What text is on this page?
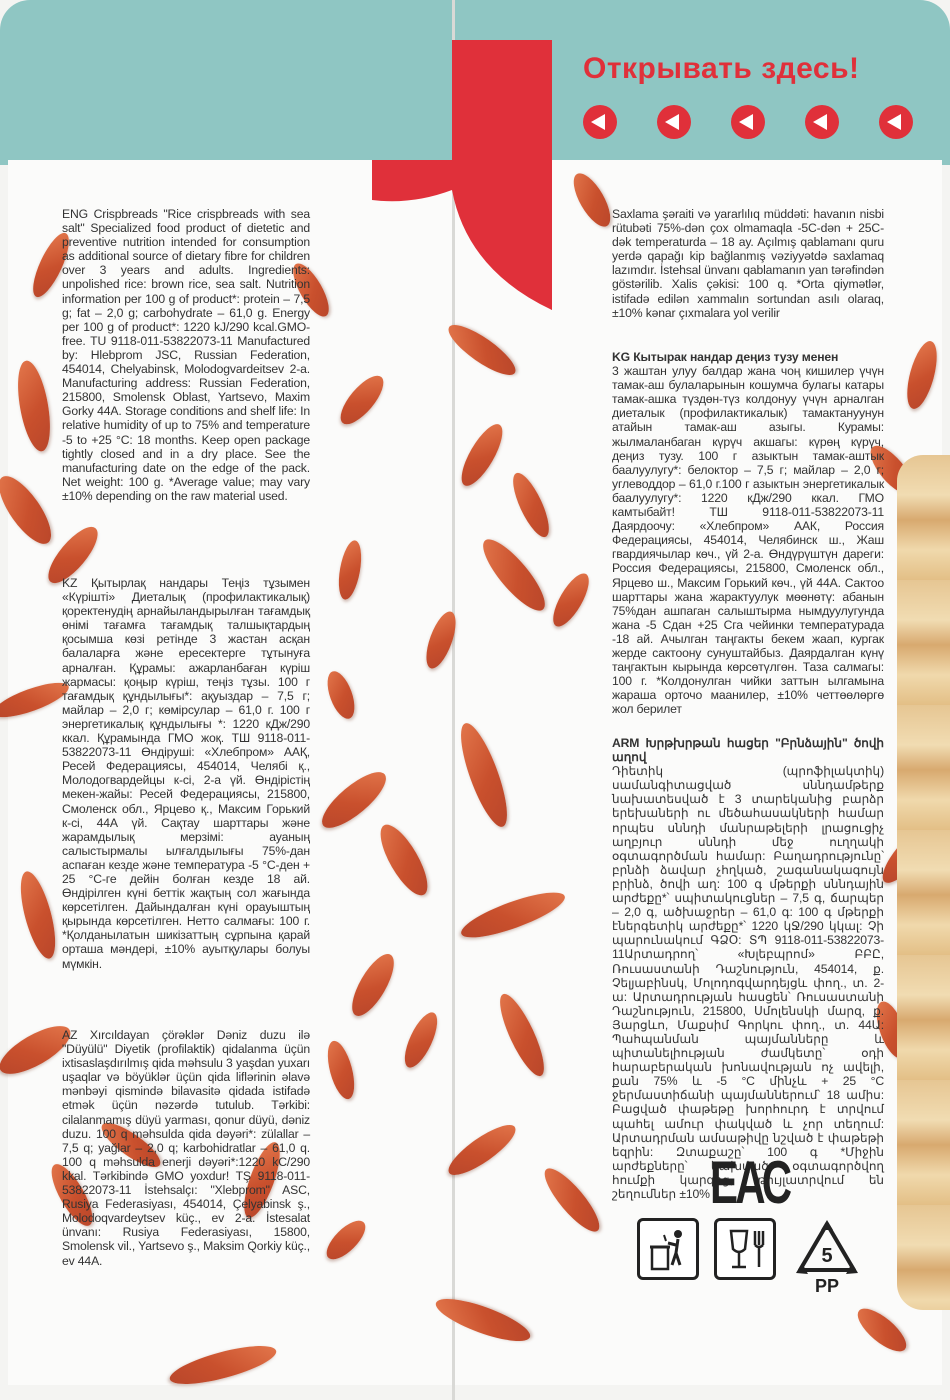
Открывать здесь!
ENG Crispbreads "Rice crispbreads with sea salt" Specialized food product of dietetic and preventive nutrition intended for consumption as additional source of dietary fibre for children over 3 years and adults. Ingredients: unpolished rice: brown rice, sea salt. Nutrition information per 100 g of product*: protein – 7,5 g; fat – 2,0 g; carbohydrate – 61,0 g. Energy per 100 g of product*: 1220 kJ/290 kcal.GMO-free. TU 9118-011-53822073-11 Manufactured by: Hlebprom JSC, Russian Federation, 454014, Chelyabinsk, Molodogvardeitsev 2-a. Manufacturing address: Russian Federation, 215800, Smolensk Oblast, Yartsevo, Maxim Gorky 44A. Storage conditions and shelf life: In relative humidity of up to 75% and temperature -5 to +25 °C: 18 months. Keep open package tightly closed and in a dry place. See the manufacturing date on the edge of the pack. Net weight: 100 g. *Average value; may vary ±10% depending on the raw material used.
KZ Қытырлақ нандары Теңіз тұзымен «Күріштi» Диеталық (профилактикалық) қоректенудің арнайыландырылған тағамдық өнімі тағамға тағамдық талшықтардың қосымша көзі ретінде 3 жастан асқан балаларға және ересектерге тұтынуға арналған. Құрамы: ажарланбаған күріш жармасы: қоңыр күріш, теңіз тұзы. 100 г тағамдық құндылығы*: ақуыздар – 7,5 г; майлар – 2,0 г; көмірсулар – 61,0 г. 100 г энергетикалық құндылығы *: 1220 кДж/290 ккал. Құрамында ГМО жоқ. ТШ 9118-011-53822073-11 Өндіруші: «Хлебпром» ААҚ, Ресей Федерациясы, 454014, Челябі қ., Молодогвардейцы к-сі, 2-а үй. Өндірістің мекен-жайы: Ресей Федерациясы, 215800, Смоленск обл., Ярцево қ., Максим Горький к-сі, 44А үй. Сақтау шарттары және жарамдылық мерзімі: ауаның салыстырмалы ылғалдылығы 75%-дан аспаған кезде және температура -5 °С-ден + 25 °С-ге дейін болған кезде 18 ай. Өндірілген күні беттік жақтың сол жағында көрсетілген. Дайындалған күні орауыштың қырында көрсетілген. Нетто салмағы: 100 г. *Қолданылатын шикізаттың сұрпына қарай орташа мәндері, ±10% ауытқулары болуы мүмкін.
AZ Xırcıldayan çörəklər Dəniz duzu ilə "Düyülü" Diyetik (profilaktik) qidalanma üçün ixtisaslaşdırılmış qida məhsulu 3 yaşdan yuxarı uşaqlar və böyüklər üçün qida liflərinin əlavə mənbəyi qismində bilavasitə qidada istifadə etmək üçün nəzərdə tutulub. Tərkibi: cilalanmamış düyü yarması, qonur düyü, dəniz duzu. 100 q məhsulda qida dəyəri*: zülallar – 7,5 q; yağlar – 2,0 q; karbohidratlar – 61,0 q. 100 q məhsulda enerji dəyəri*:1220 kC/290 kkal. Tərkibində GMO yoxdur! TŞ 9118-011-53822073-11 İstehsalçı: "Xlebprom" ASC, Rusiya Federasiyası, 454014, Çelyabinsk ş., Molodoqvardeytsev küç., ev 2-a. İstesalat ünvanı: Rusiya Federasiyası, 15800, Smolensk vil., Yartsevo ş., Maksim Qorkiy küç., ev 44A.
Saxlama şəraiti və yararlılıq müddəti: havanın nisbi rütubəti 75%-dən çox olmamaqla -5C-dən + 25C-dək temperaturda – 18 ay. Açılmış qablamanı quru yerdə qapağı kip bağlanmış vəziyyətdə saxlamaq lazımdır. İstehsal ünvanı qablamanın yan tərəfindən göstərilib. Xalis çəkisi: 100 q. *Orta qiymətlər, istifadə edilən xammalın sortundan asılı olaraq, ±10% kənar çıxmalara yol verilir
KG Кытырак нандар деңиз тузу менен
3 жаштан улуу балдар жана чоң кишилер үчүн тамак-аш булаларынын кошумча булагы катары тамак-ашка түздөн-түз колдонуу үчүн арналган диеталык (профилактикалык) тамактануунун атайын тамак-аш азыгы. Курамы: жылмаланбаган күрүч акшагы: күрөң күрүч, деңиз тузу. 100 г азыктын тамак-аштык баалуулугу*: белоктор – 7,5 г; майлар – 2,0 г; углеводдор – 61,0 г.100 г азыктын энергетикалык баалуулугу*: 1220 кДж/290 ккал. ГМО камтыбайт! ТШ 9118-011-53822073-11 Даярдоочу: «Хлебпром» ААК, Россия Федерациясы, 454014, Челябинск ш., Жаш гвардиячылар көч., үй 2-а. Өндүрүштүн дареги: Россия Федерациясы, 215800, Смоленск обл., Ярцево ш., Максим Горький көч., үй 44А. Сактоо шарттары жана жарактуулук мөөнөтү: абанын 75%дан ашпаган салыштырма нымдуулугунда жана -5 Сдан +25 Сга чейинки температурада -18 ай. Ачылган таңгакты бекем жаап, кургак жерде сактоону сунуштайбыз. Даярдалган күнү таңгактын кырында көрсөтүлгөн. Таза салмагы: 100 г. *Колдонулган чийки заттын ылгамына жараша орточо маанилер, ±10% четтөөлөргө жол берилет
ARM Խրթխրթան հացեր "Բրնձային" ծովի աղով
Դիետիկ (պրոֆիլակտիկ) սամանգիտացված սննդամթերք նախատեսված է 3 տարեկանից բարձր երեխաների ու մեծահասակների համար որպես սննդի մանրաթելերի լրացուցիչ աղբյուր սննդի մեջ ուղղակի օգտագործման համար: Բաղադրությունը՝ բրնձի ձավար չհղկած, շագանակագույն բրինձ, ծովի աղ: 100 գ մթերքի սննդային արժեքը*՝ սպիտակուցներ – 7,5 գ, ճարպեր – 2,0 գ, ածխաջրեր – 61,0 գ: 100 գ մթերքի էներգետիկ արժեքը*՝ 1220 կՋ/290 կկալ: Չի պարունակում ԳՁՕ: ՏՊ 9118-011-53822073-11Արտադրող՝ «Խլեբպրոմ» ԲԲԸ, Ռուսաստանի Դաշնություն, 454014, ք. Չելյաբինսկ, Մոլոդոգվարդեյցև փող., տ. 2-ա: Արտադրության հասցեն՝ Ռուսաստանի Դաշնություն, 215800, Սմոլենսկի մարզ, ք. Յարցևո, Մաքսիմ Գորկու փող., տ. 44Ա: Պահպանման պայմանները և պիտանելիության ժամկետը՝ օդի հարաբերական խոնավության ոչ ավելի, քան 75% և -5 °C մինչև + 25 °C ջերմաստիճանի պայմաններում՝ 18 ամիս: Բացված փաթեթը խորհուրդ է տրվում պահել ամուր փակված և չոր տեղում: Արտադրման ամսաթիվը նշված է փաթեթի եզրին: Զտաքաշը՝ 100 գ *Միջին արժեքները՝ կախված օգտագործվող հումքի կարգից, թույլատրվում են շեղումներ ±10% ЕАС
5
PP
